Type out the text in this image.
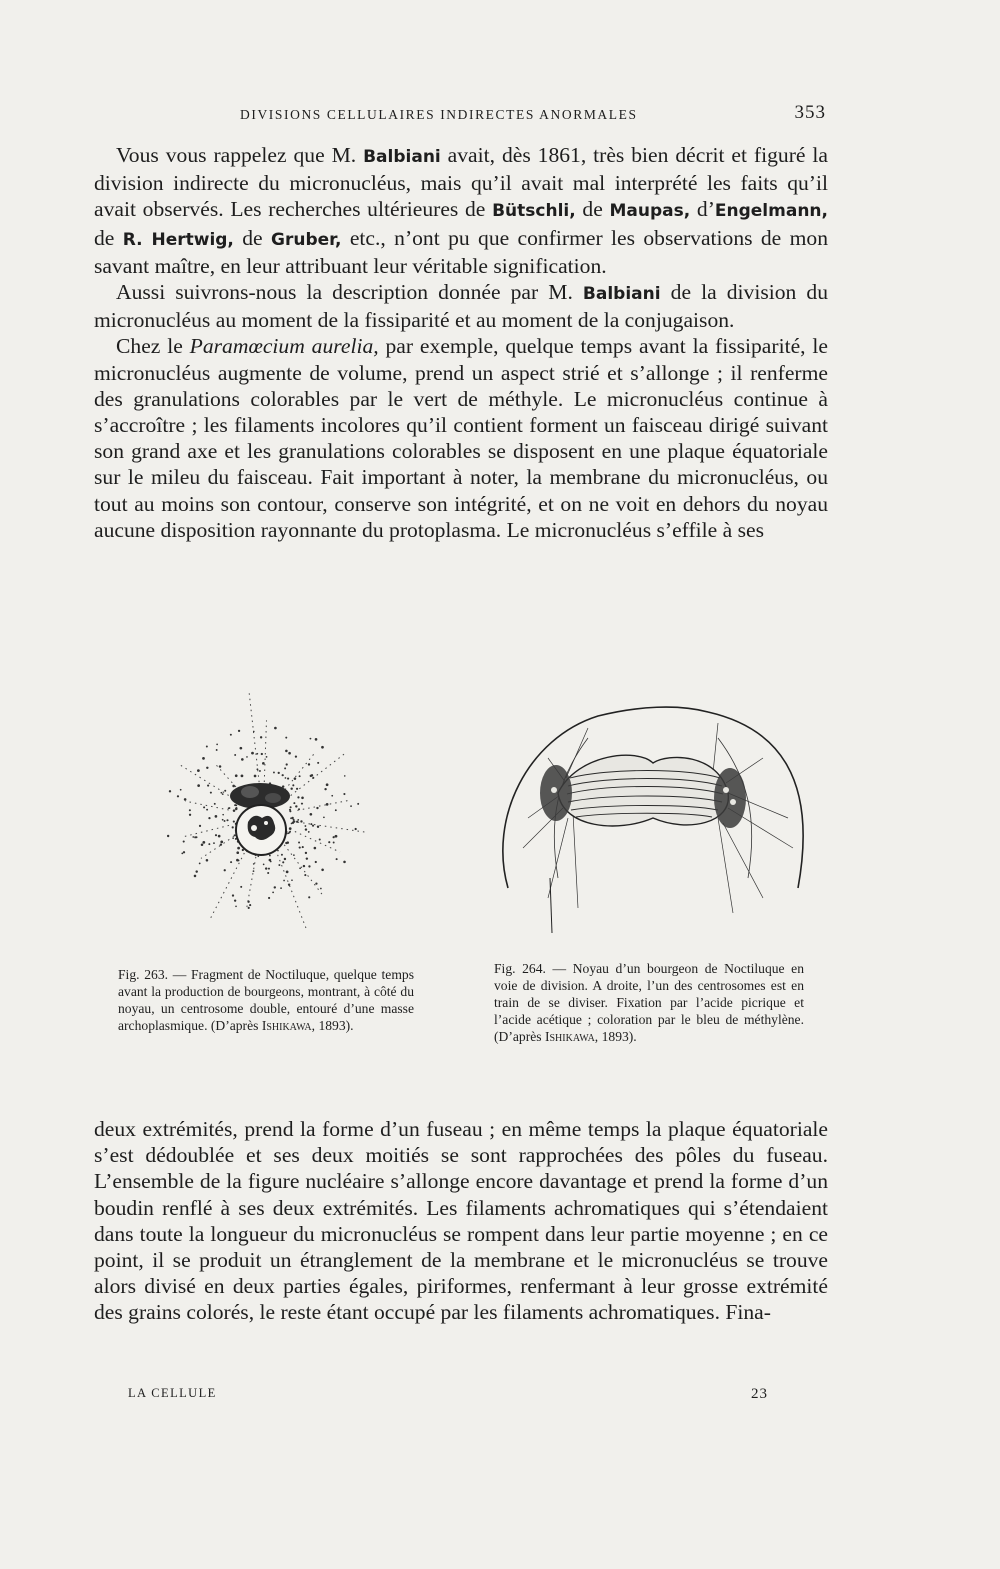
DIVISIONS CELLULAIRES INDIRECTES ANORMALES	353

Vous vous rappelez que M. Balbiani avait, dès 1861, très bien décrit et figuré la division indirecte du micronucléus, mais qu’il avait mal interprété les faits qu’il avait observés. Les recherches ultérieures de Bütschli, de Maupas, d’Engelmann, de R. Hertwig, de Gruber, etc., n’ont pu que confirmer les observations de mon savant maître, en leur attribuant leur véritable signification.

Aussi suivrons-nous la description donnée par M. Balbiani de la division du micronucléus au moment de la fissiparité et au moment de la conjugaison.

Chez le Paramœcium aurelia, par exemple, quelque temps avant la fissiparité, le micronucléus augmente de volume, prend un aspect strié et s’allonge ; il renferme des granulations colorables par le vert de méthyle. Le micronucléus continue à s’accroître ; les filaments incolores qu’il contient forment un faisceau dirigé suivant son grand axe et les granulations colorables se disposent en une plaque équatoriale sur le mileu du faisceau. Fait important à noter, la membrane du micronucléus, ou tout au moins son contour, conserve son intégrité, et on ne voit en dehors du noyau aucune disposition rayonnante du protoplasma. Le micronucléus s’effile à ses

Fig. 263. — Fragment de Noctiluque, quelque temps avant la production de bourgeons, montrant, à côté du noyau, un centrosome double, entouré d’une masse archoplasmique. (D’après Ishikawa, 1893).
Fig. 264. — Noyau d’un bourgeon de Noctiluque en voie de division. A droite, l’un des centrosomes est en train de se diviser. Fixation par l’acide picrique et l’acide acétique ; coloration par le bleu de méthylène. (D’après Ishikawa, 1893).

deux extrémités, prend la forme d’un fuseau ; en même temps la plaque équatoriale s’est dédoublée et ses deux moitiés se sont rapprochées des pôles du fuseau. L’ensemble de la figure nucléaire s’allonge encore davantage et prend la forme d’un boudin renflé à ses deux extrémités. Les filaments achromatiques qui s’étendaient dans toute la longueur du micronucléus se rompent dans leur partie moyenne ; en ce point, il se produit un étranglement de la membrane et le micronucléus se trouve alors divisé en deux parties égales, piriformes, renfermant à leur grosse extrémité des grains colorés, le reste étant occupé par les filaments achromatiques. Fina-

LA CELLULE	23
